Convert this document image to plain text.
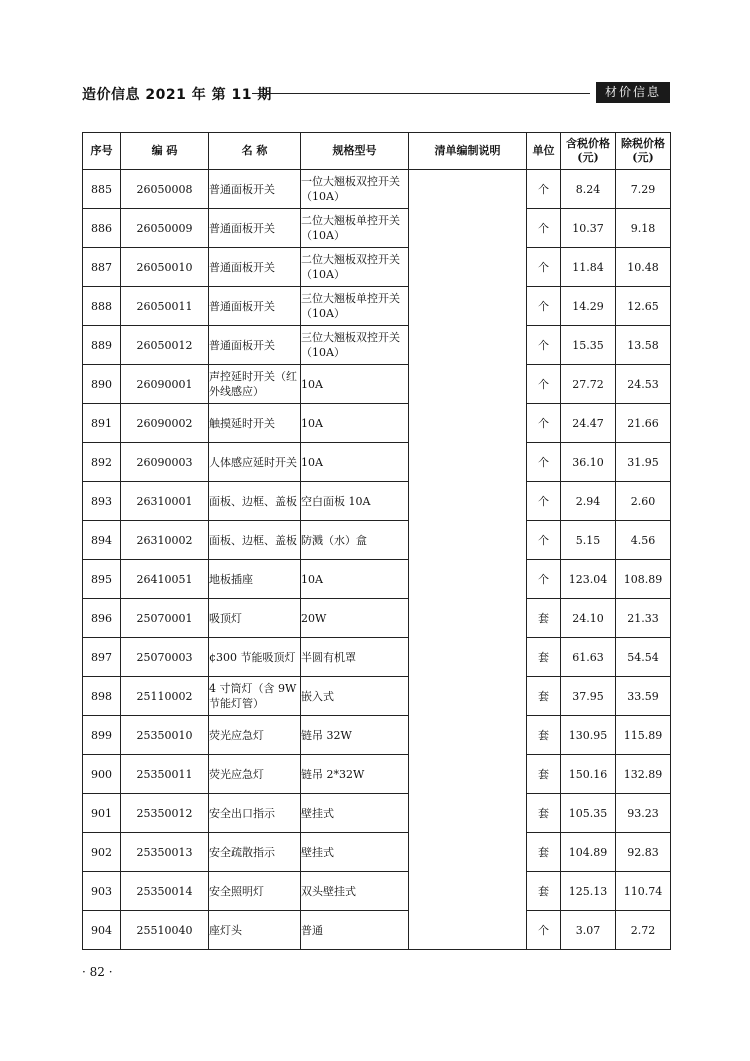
造价信息 2021 年 第 11 期	材价信息
序号	编 码	名 称	规格型号	清单编制说明	单位	含税价格(元)	除税价格(元)
885	26050008	普通面板开关	一位大翘板双控开关（10A）		个	8.24	7.29
886	26050009	普通面板开关	二位大翘板单控开关（10A）		个	10.37	9.18
887	26050010	普通面板开关	二位大翘板双控开关（10A）		个	11.84	10.48
888	26050011	普通面板开关	三位大翘板单控开关（10A）		个	14.29	12.65
889	26050012	普通面板开关	三位大翘板双控开关（10A）		个	15.35	13.58
890	26090001	声控延时开关（红外线感应）	10A		个	27.72	24.53
891	26090002	触摸延时开关	10A		个	24.47	21.66
892	26090003	人体感应延时开关	10A		个	36.10	31.95
893	26310001	面板、边框、盖板	空白面板 10A		个	2.94	2.60
894	26310002	面板、边框、盖板	防溅（水）盒		个	5.15	4.56
895	26410051	地板插座	10A		个	123.04	108.89
896	25070001	吸顶灯	20W		套	24.10	21.33
897	25070003	¢300 节能吸顶灯	半圆有机罩		套	61.63	54.54
898	25110002	4 寸筒灯（含 9W 节能灯管）	嵌入式		套	37.95	33.59
899	25350010	荧光应急灯	链吊 32W		套	130.95	115.89
900	25350011	荧光应急灯	链吊 2*32W		套	150.16	132.89
901	25350012	安全出口指示	壁挂式		套	105.35	93.23
902	25350013	安全疏散指示	壁挂式		套	104.89	92.83
903	25350014	安全照明灯	双头壁挂式		套	125.13	110.74
904	25510040	座灯头	普通		个	3.07	2.72
· 82 ·
